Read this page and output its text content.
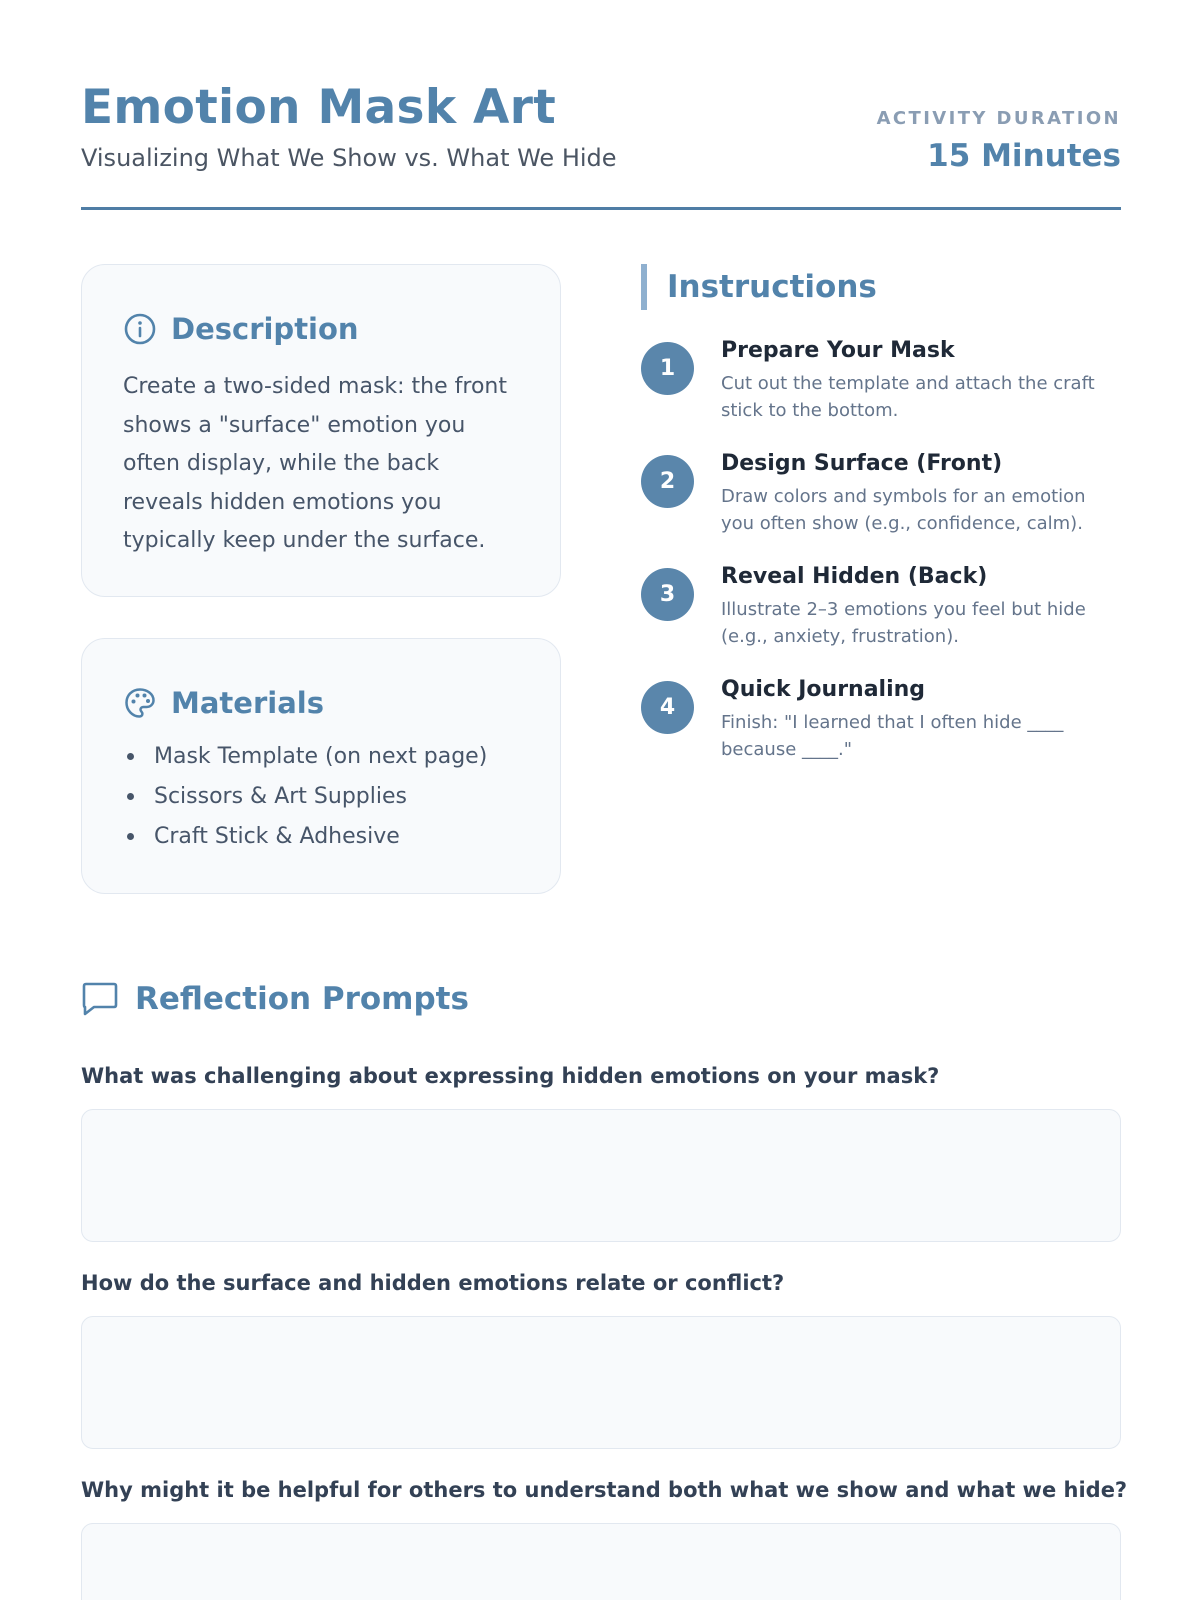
Emotion Mask Art
Visualizing What We Show vs. What We Hide
ACTIVITY DURATION
15 Minutes
Description

Create a two-sided mask: the front shows a "surface" emotion you often display, while the back reveals hidden emotions you typically keep under the surface.

Materials
Mask Template (on next page)
Scissors & Art Supplies
Craft Stick & Adhesive
Instructions
1
Prepare Your Mask
Cut out the template and attach the craft stick to the bottom.
2
Design Surface (Front)
Draw colors and symbols for an emotion you often show (e.g., confidence, calm).
3
Reveal Hidden (Back)
Illustrate 2–3 emotions you feel but hide (e.g., anxiety, frustration).
4
Quick Journaling
Finish: "I learned that I often hide ____ because ____."
Reflection Prompts
What was challenging about expressing hidden emotions on your mask?
How do the surface and hidden emotions relate or conflict?
Why might it be helpful for others to understand both what we show and what we hide?
